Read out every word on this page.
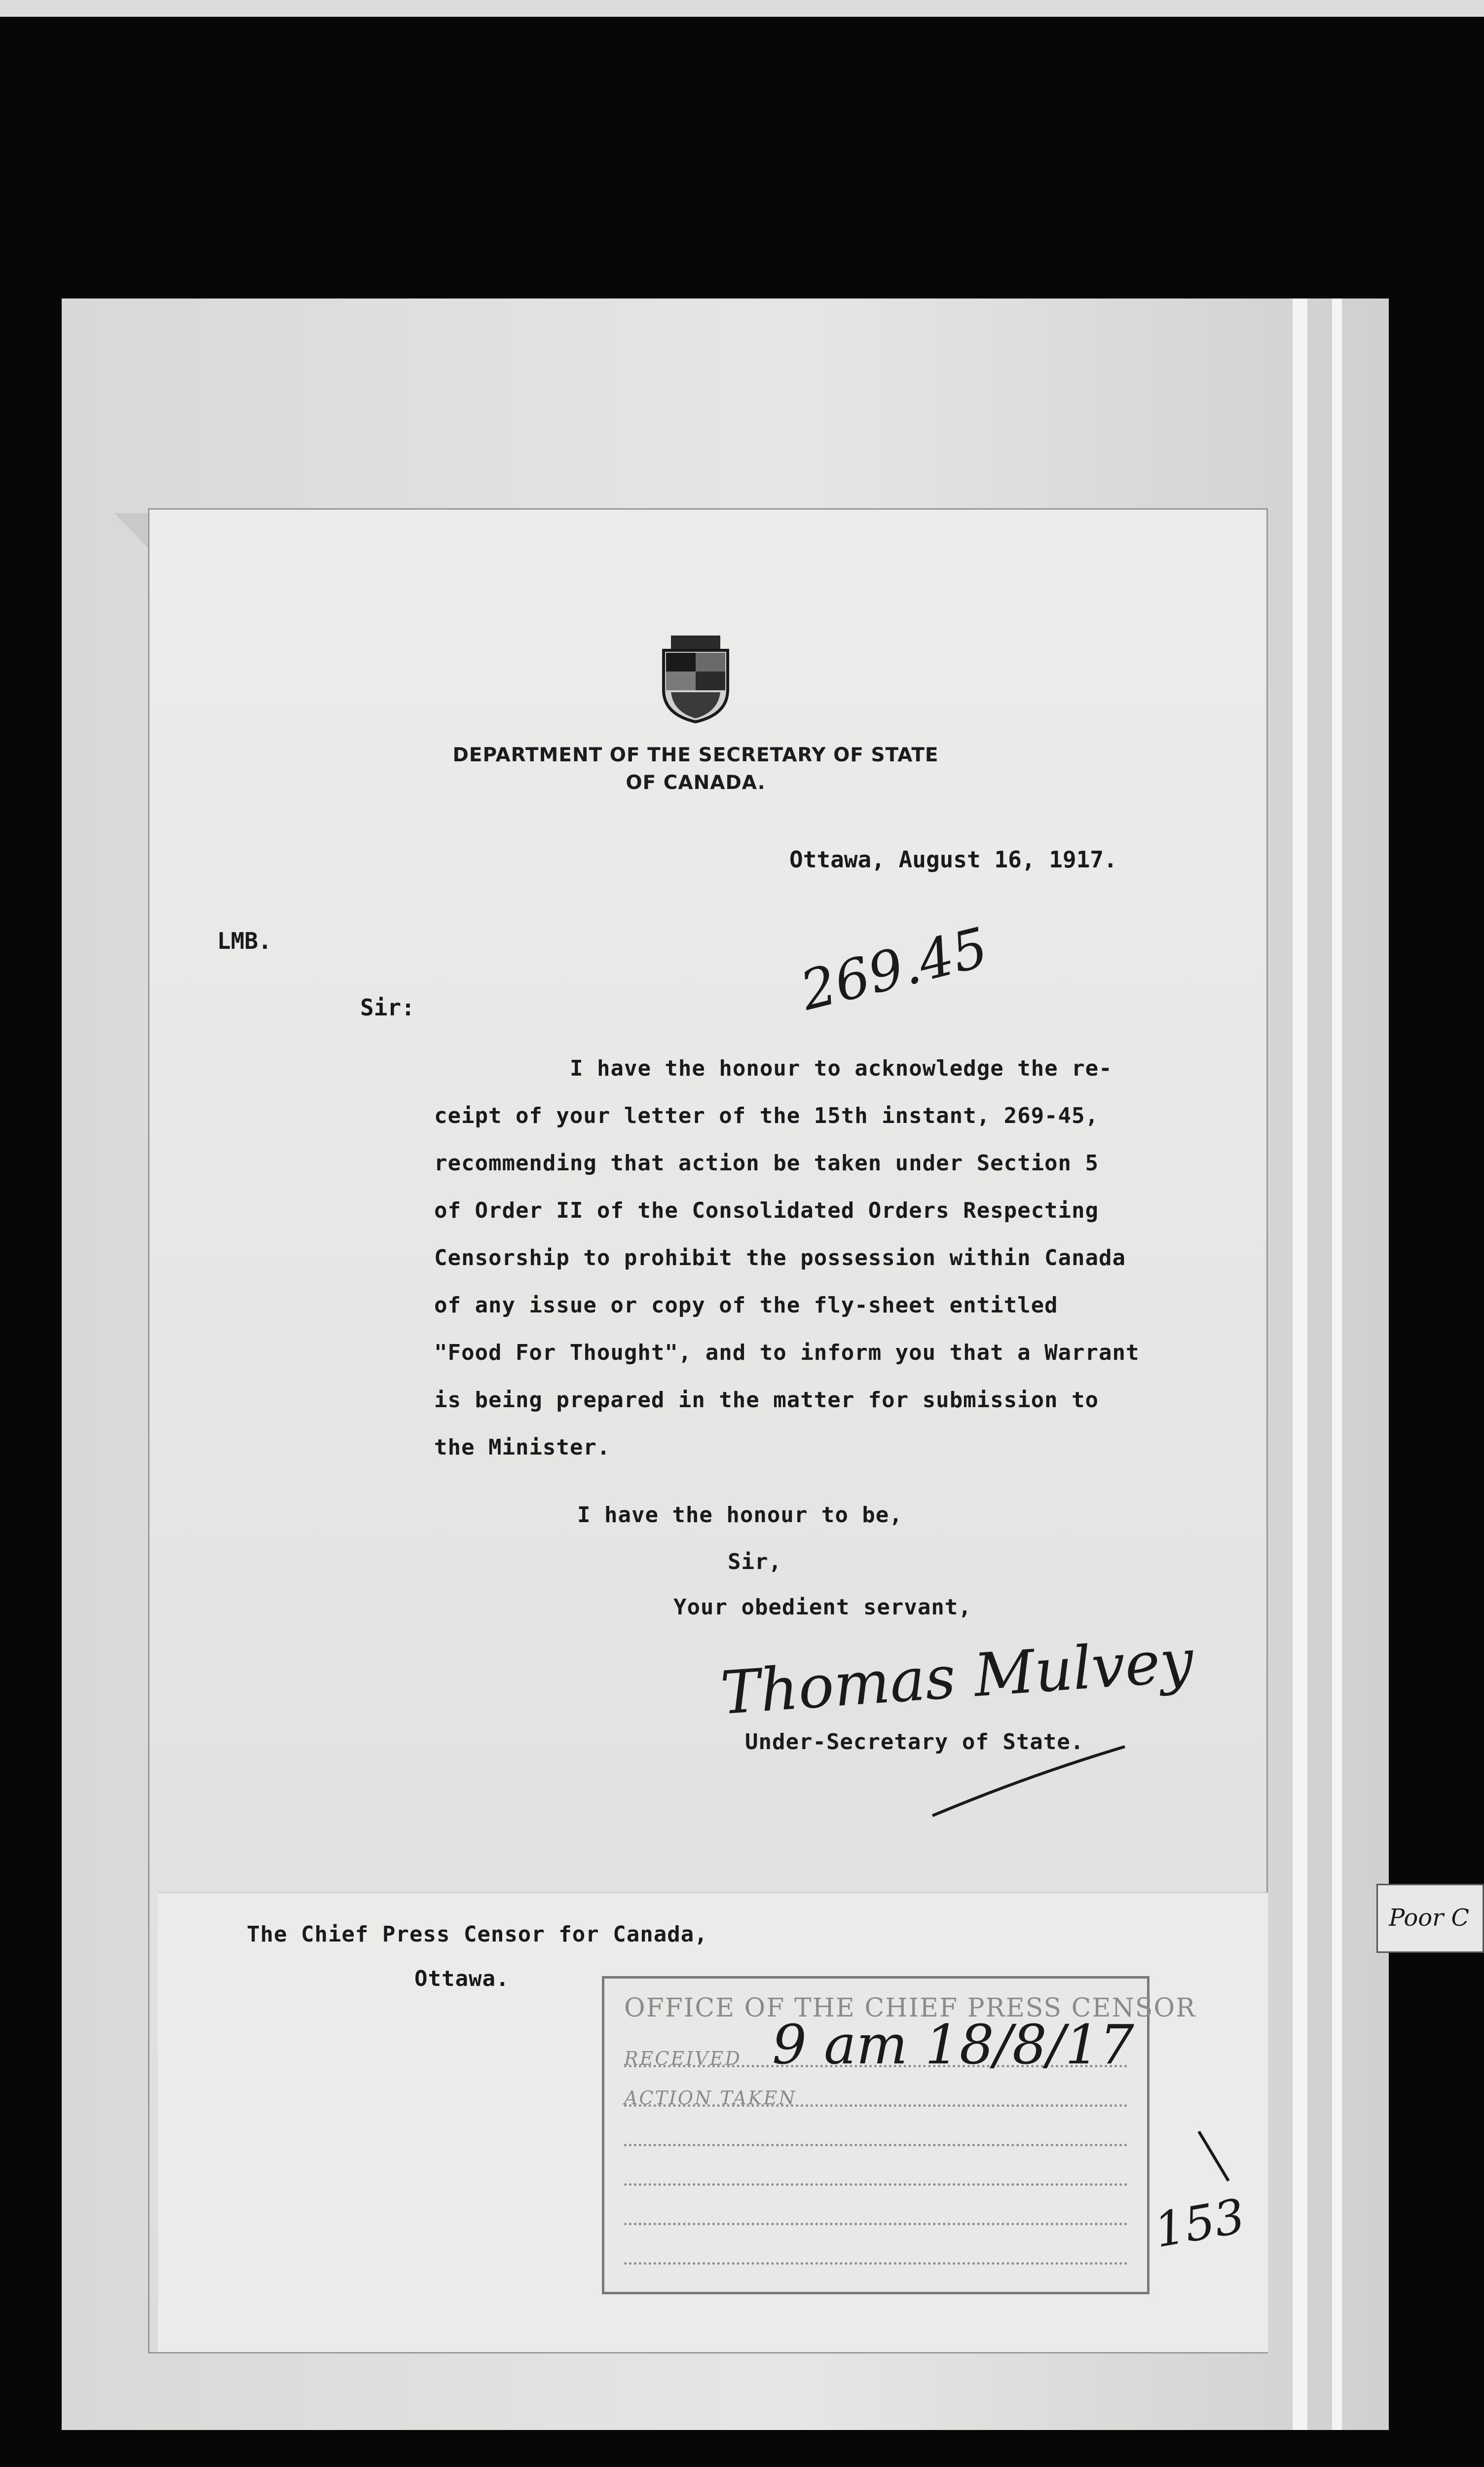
DEPARTMENT OF THE SECRETARY OF STATE
OF CANADA.
Ottawa, August 16, 1917.
LMB.
Sir:	269.45
I have the honour to acknowledge the re-
ceipt of your letter of the 15th instant, 269-45,
recommending that action be taken under Section 5
of Order II of the Consolidated Orders Respecting
Censorship to prohibit the possession within Canada
of any issue or copy of the fly-sheet entitled
"Food For Thought", and to inform you that a Warrant
is being prepared in the matter for submission to
the Minister.
I have the honour to be,
Sir,
Your obedient servant,
Thomas Mulvey
Under-Secretary of State.
The Chief Press Censor for Canada,
Ottawa.
OFFICE OF THE CHIEF PRESS CENSOR
RECEIVED 9 am 18/8/17
ACTION TAKEN
153
Poor C
